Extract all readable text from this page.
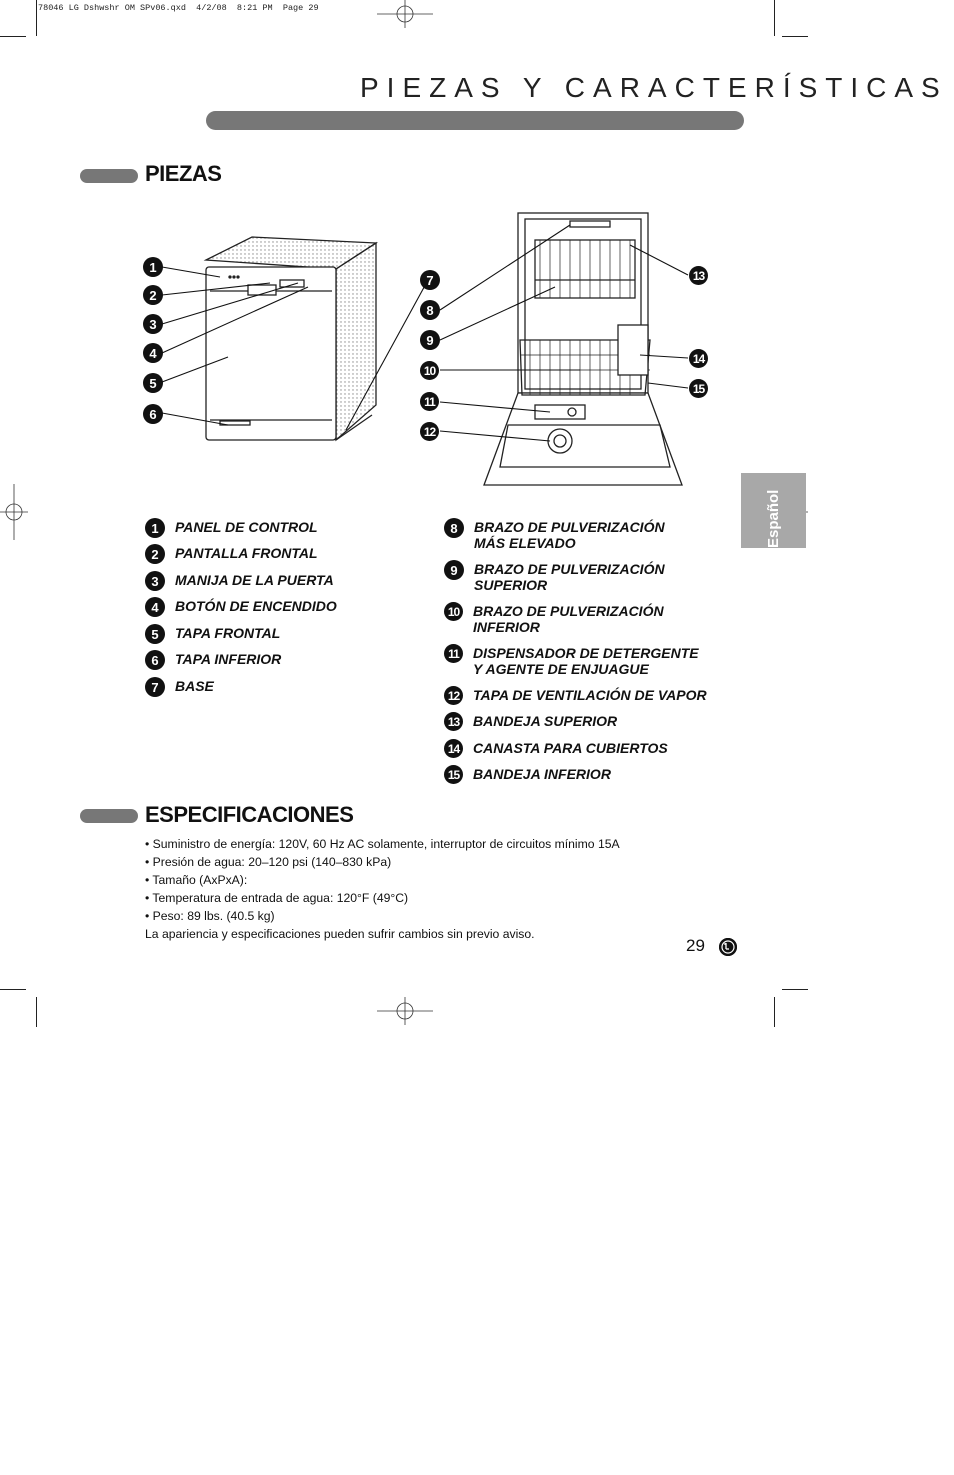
78046 LG Dshwshr OM SPv06.qxd  4/2/08  8:21 PM  Page 29
PIEZAS Y CARACTERÍSTICAS
PIEZAS
1
2
3
4
5
6
7
8
9
10
11
12
13
14
15
1	PANEL DE CONTROL
2	PANTALLA FRONTAL
3	MANIJA DE LA PUERTA
4	BOTÓN DE ENCENDIDO
5	TAPA FRONTAL
6	TAPA INFERIOR
7	BASE
8	BRAZO DE PULVERIZACIÓN
MÁS ELEVADO
9	BRAZO DE PULVERIZACIÓN
SUPERIOR
10 BRAZO DE PULVERIZACIÓN
INFERIOR
11 DISPENSADOR DE DETERGENTE
Y AGENTE DE ENJUAGUE
12 TAPA DE VENTILACIÓN DE VAPOR
13 BANDEJA SUPERIOR
14 CANASTA PARA CUBIERTOS
15 BANDEJA INFERIOR
ESPECIFICACIONES
• Suministro de energía: 120V, 60 Hz AC solamente, interruptor de circuitos mínimo 15A
• Presión de agua: 20–120 psi (140–830 kPa)
• Tamaño (AxPxA):
• Temperatura de entrada de agua: 120°F (49°C)
• Peso: 89 lbs. (40.5 kg)
La apariencia y especificaciones pueden sufrir cambios sin previo aviso.
Español
29
